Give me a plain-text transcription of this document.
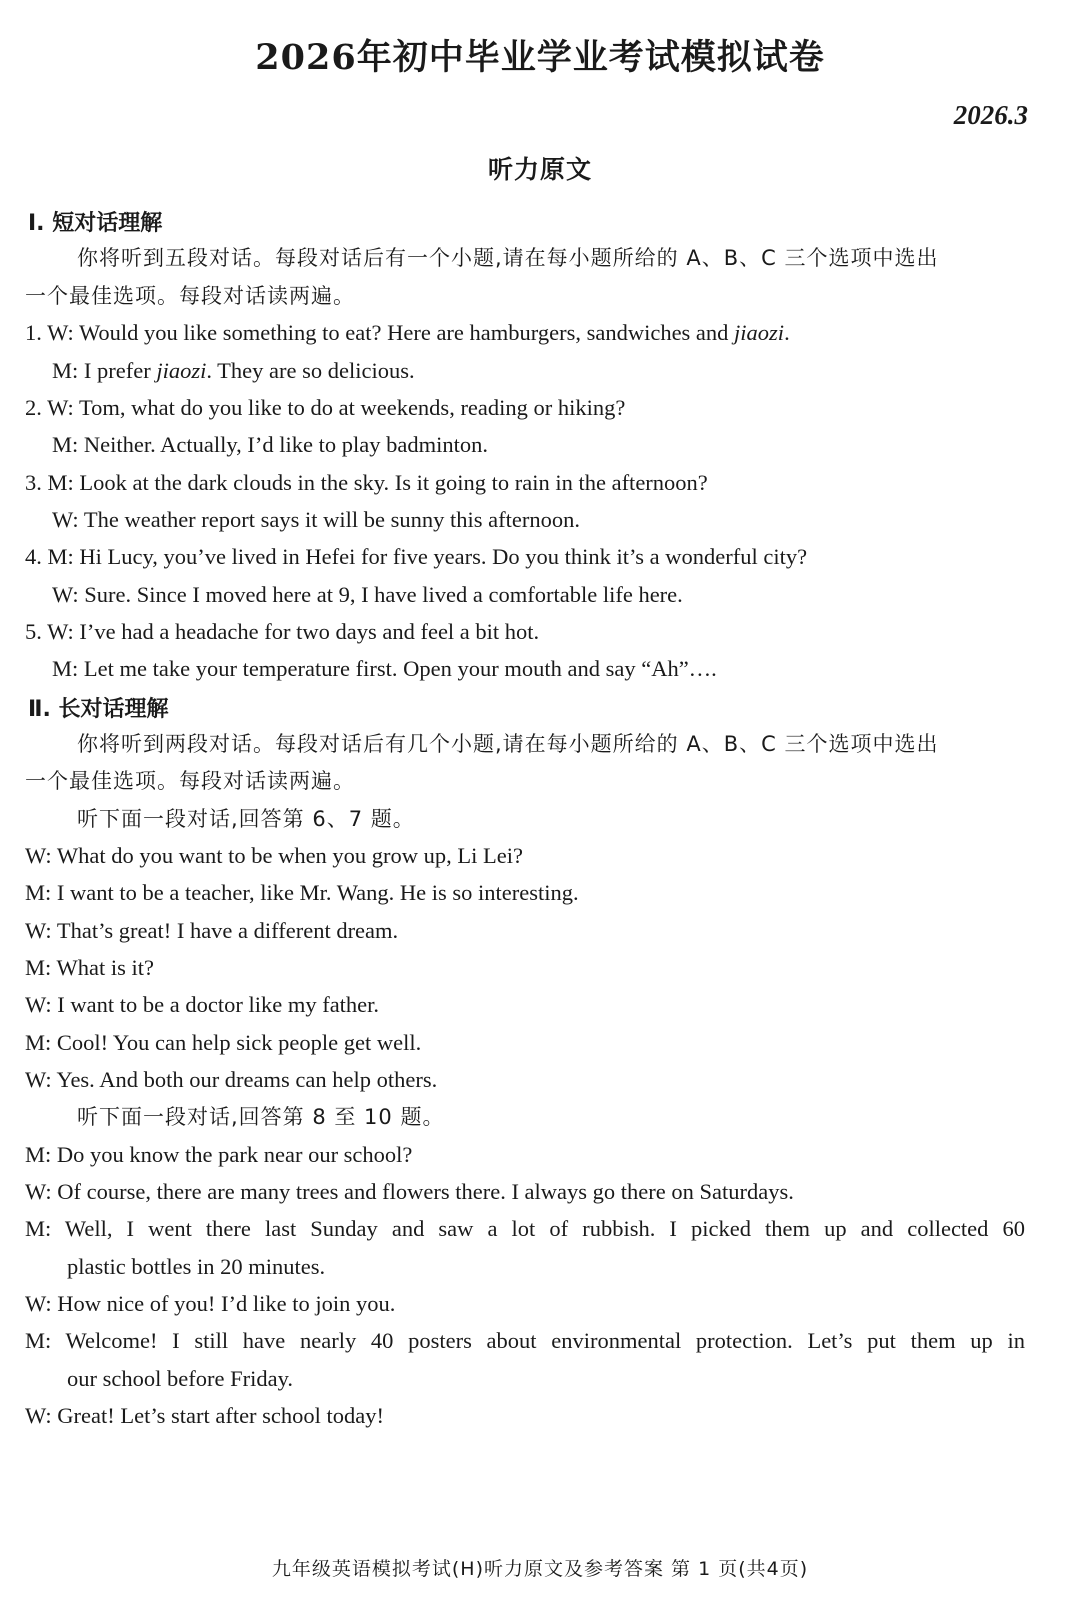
2026年初中毕业学业考试模拟试卷
2026.3
听力原文
Ⅰ. 短对话理解
你将听到五段对话。每段对话后有一个小题,请在每小题所给的 A、B、C 三个选项中选出
一个最佳选项。每段对话读两遍。
1. W: Would you like something to eat? Here are hamburgers, sandwiches and jiaozi.
M: I prefer jiaozi. They are so delicious.
2. W: Tom, what do you like to do at weekends, reading or hiking?
M: Neither. Actually, I’d like to play badminton.
3. M: Look at the dark clouds in the sky. Is it going to rain in the afternoon?
W: The weather report says it will be sunny this afternoon.
4. M: Hi Lucy, you’ve lived in Hefei for five years. Do you think it’s a wonderful city?
W: Sure. Since I moved here at 9, I have lived a comfortable life here.
5. W: I’ve had a headache for two days and feel a bit hot.
M: Let me take your temperature first. Open your mouth and say “Ah”….
Ⅱ. 长对话理解
你将听到两段对话。每段对话后有几个小题,请在每小题所给的 A、B、C 三个选项中选出
一个最佳选项。每段对话读两遍。
听下面一段对话,回答第 6、7 题。
W: What do you want to be when you grow up, Li Lei?
M: I want to be a teacher, like Mr. Wang. He is so interesting.
W: That’s great! I have a different dream.
M: What is it?
W: I want to be a doctor like my father.
M: Cool! You can help sick people get well.
W: Yes. And both our dreams can help others.
听下面一段对话,回答第 8 至 10 题。
M: Do you know the park near our school?
W: Of course, there are many trees and flowers there. I always go there on Saturdays.
M: Well, I went there last Sunday and saw a lot of rubbish. I picked them up and collected 60
plastic bottles in 20 minutes.
W: How nice of you! I’d like to join you.
M: Welcome! I still have nearly 40 posters about environmental protection. Let’s put them up in
our school before Friday.
W: Great! Let’s start after school today!
九年级英语模拟考试(H)听力原文及参考答案 第 1 页(共4页)
